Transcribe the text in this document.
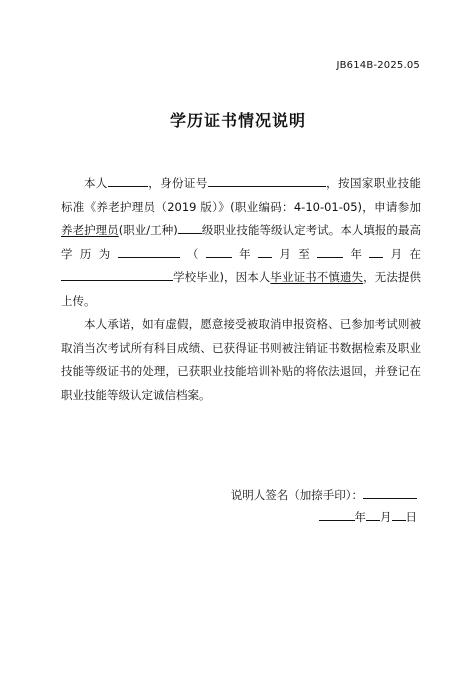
JB614B-2025.05
学历证书情况说明

本人	，身份证号	，按国家职业技能标准《养老护理员（2019 版）》(职业编码：4-10-01-05)，申请参加养老护理员(职业/工种) 级职业技能等级认定考试。本人填报的最高学历为	（ 年 月至 年 月在学校毕业)，因本人毕业证书不慎遗失，无法提供上传。

本人承诺，如有虚假，愿意接受被取消申报资格、已参加考试则被取消当次考试所有科目成绩、已获得证书则被注销证书数据检索及职业技能等级证书的处理，已获职业技能培训补贴的将依法退回，并登记在职业技能等级认定诚信档案。

说明人签名（加捺手印）：
年 月 日
